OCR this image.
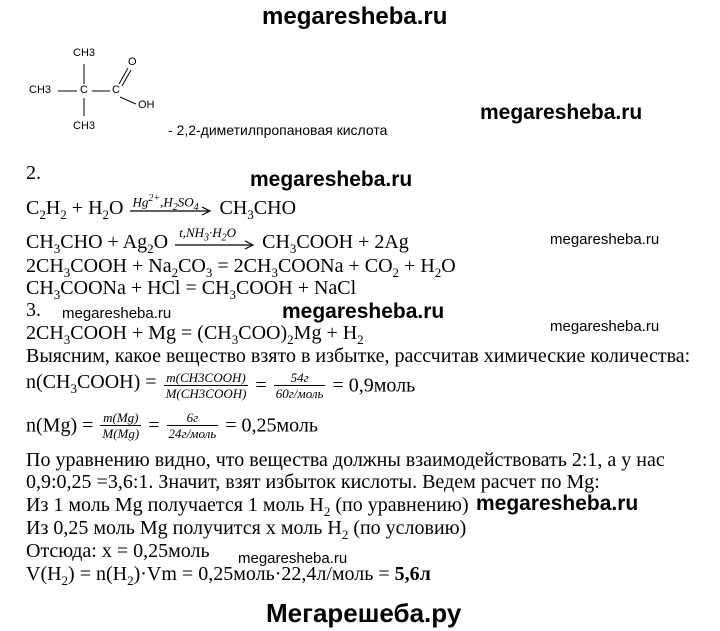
megaresheba.ru
CH3
CH3	C C
O
OH
CH3
megaresheba.ru
- 2,2-диметилпропановая кислота
2.	megaresheba.ru
$C_2H_2 + H_2O$ $Hg^{2+},H_2SO_4$ $CH_3CHO$
$CH_3CHO + Ag_2O$ $t,NH_3\cdot H_2O$ $CH_3COOH + 2Ag$	megaresheba.ru
$2CH_3COOH + Na_2CO_3$ = $2CH_3COONa + CO_2 + H_2O$
$CH_3COONa$ + HCl = $CH_3COOH$ + NaCl
3. megaresheba.ru	megaresheba.ru
$2CH_3COOH + Mg = (CH_3COO)_2Mg + H_2$
megaresheba.ru
Выясним, какое вещество взято в избытке, рассчитав химические количества:
$n(CH_3COOH) = \frac{\text{m(CH3COOH)}}{\text{M(CH3COOH)}} = \frac{54г}{\text{60г/моль}}$ = 0,9моль
$n(Mg) = \frac{m(Mg)}{M(Mg)} = \frac{6г}{\text{24г/моль}}$ = 0,25моль
По уравнению видно, что вещества должны взаимодействовать 2:1, а у нас
0,9:0,25 =3,6:1. Значит, взят избыток кислоты. Ведем расчет по Mg:
Из 1 моль Mg получается 1 моль $H_2$ (по уравнению) megaresheba.ru
Из 0,25 моль Mg получится x моль $H_2$ (по условию)
Отсюда: x = 0,25моль megaresheba.ru
$V(H_2) = n(H_2)\cdot Vm$ = 0,25моль·22,4л/моль = 5,6л
Мегарешеба.ру
